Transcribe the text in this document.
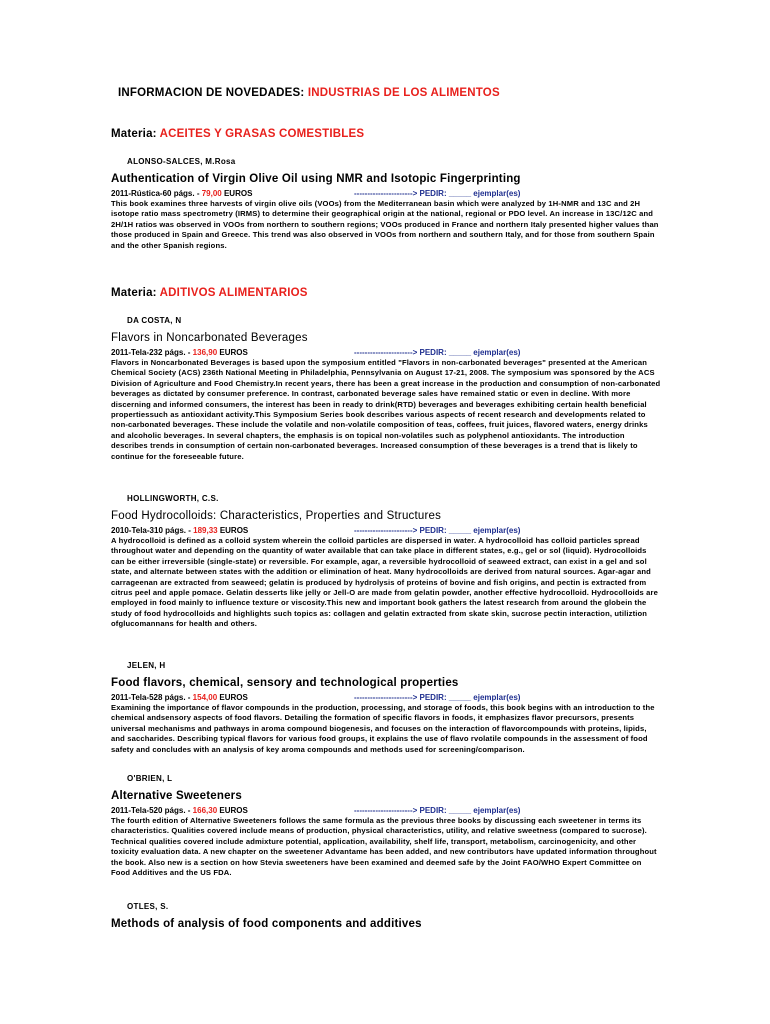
INFORMACION DE NOVEDADES: INDUSTRIAS DE LOS ALIMENTOS
Materia: ACEITES Y GRASAS COMESTIBLES
ALONSO-SALCES, M.Rosa
Authentication of Virgin Olive Oil using NMR and Isotopic Fingerprinting
2011-Rústica-60 págs. - 79,00 EUROS	----------------------> PEDIR: _____ ejemplar(es)
This book examines three harvests of virgin olive oils (VOOs) from the Mediterranean basin which were analyzed by 1H-NMR and 13C and 2H isotope ratio mass spectrometry (IRMS) to determine their geographical origin at the national, regional or PDO level. An increase in 13C/12C and 2H/1H ratios was observed in VOOs from northern to southern regions; VOOs produced in France and northern Italy presented higher values than those produced in Spain and Greece. This trend was also observed in VOOs from northern and southern Italy, and for those from southern Spain and the other Spanish regions.
Materia: ADITIVOS ALIMENTARIOS
DA COSTA, N
Flavors in Noncarbonated Beverages
2011-Tela-232 págs. - 136,90 EUROS	----------------------> PEDIR: _____ ejemplar(es)
Flavors in Noncarbonated Beverages is based upon the symposium entitled "Flavors in non-carbonated beverages" presented at the American Chemical Society (ACS) 236th National Meeting in Philadelphia, Pennsylvania on August 17-21, 2008. The symposium was sponsored by the ACS Division of Agriculture and Food Chemistry.In recent years, there has been a great increase in the production and consumption of non-carbonated beverages as dictated by consumer preference. In contrast, carbonated beverage sales have remained static or even in decline. With more discerning and informed consumers, the interest has been in ready to drink(RTD) beverages and beverages exhibiting certain health beneficial propertiessuch as antioxidant activity.This Symposium Series book describes various aspects of recent research and developments related to non-carbonated beverages. These include the volatile and non-volatile composition of teas, coffees, fruit juices, flavored waters, energy drinks and alcoholic beverages. In several chapters, the emphasis is on topical non-volatiles such as polyphenol antioxidants. The introduction describes trends in consumption of certain non-carbonated beverages. Increased consumption of these beverages is a trend that is likely to continue for the foreseeable future.
HOLLINGWORTH, C.S.
Food Hydrocolloids: Characteristics, Properties and Structures
2010-Tela-310 págs. - 189,33 EUROS	----------------------> PEDIR: _____ ejemplar(es)
A hydrocolloid is defined as a colloid system wherein the colloid particles are dispersed in water. A hydrocolloid has colloid particles spread throughout water and depending on the quantity of water available that can take place in different states, e.g., gel or sol (liquid). Hydrocolloids can be either irreversible (single-state) or reversible. For example, agar, a reversible hydrocolloid of seaweed extract, can exist in a gel and sol state, and alternate between states with the addition or elimination of heat. Many hydrocolloids are derived from natural sources. Agar-agar and carrageenan are extracted from seaweed; gelatin is produced by hydrolysis of proteins of bovine and fish origins, and pectin is extracted from citrus peel and apple pomace. Gelatin desserts like jelly or Jell-O are made from gelatin powder, another effective hydrocolloid. Hydrocolloids are employed in food mainly to influence texture or viscosity.This new and important book gathers the latest research from around the globein the study of food hydrocolloids and highlights such topics as: collagen and gelatin extracted from skate skin, sucrose pectin interaction, utiliztion ofglucomannans for health and others.
JELEN, H
Food flavors, chemical, sensory and technological properties
2011-Tela-528 págs. - 154,00 EUROS	----------------------> PEDIR: _____ ejemplar(es)
Examining the importance of flavor compounds in the production, processing, and storage of foods, this book begins with an introduction to the chemical andsensory aspects of food flavors. Detailing the formation of specific flavors in foods, it emphasizes flavor precursors, presents universal mechanisms and pathways in aroma compound biogenesis, and focuses on the interaction of flavorcompounds with proteins, lipids, and saccharides. Describing typical flavors for various food groups, it explains the use of flavo rvolatile compounds in the assessment of food safety and concludes with an analysis of key aroma compounds and methods used for screening/comparison.
O'BRIEN, L
Alternative Sweeteners
2011-Tela-520 págs. - 166,30 EUROS	----------------------> PEDIR: _____ ejemplar(es)
The fourth edition of Alternative Sweeteners follows the same formula as the previous three books by discussing each sweetener in terms its characteristics. Qualities covered include means of production, physical characteristics, utility, and relative sweetness (compared to sucrose). Technical qualities covered include admixture potential, application, availability, shelf life, transport, metabolism, carcinogenicity, and other toxicity evaluation data. A new chapter on the sweetener Advantame has been added, and new contributors have updated information throughout the book. Also new is a section on how Stevia sweeteners have been examined and deemed safe by the Joint FAO/WHO Expert Committee on Food Additives and the US FDA.
OTLES, S.
Methods of analysis of food components and additives
